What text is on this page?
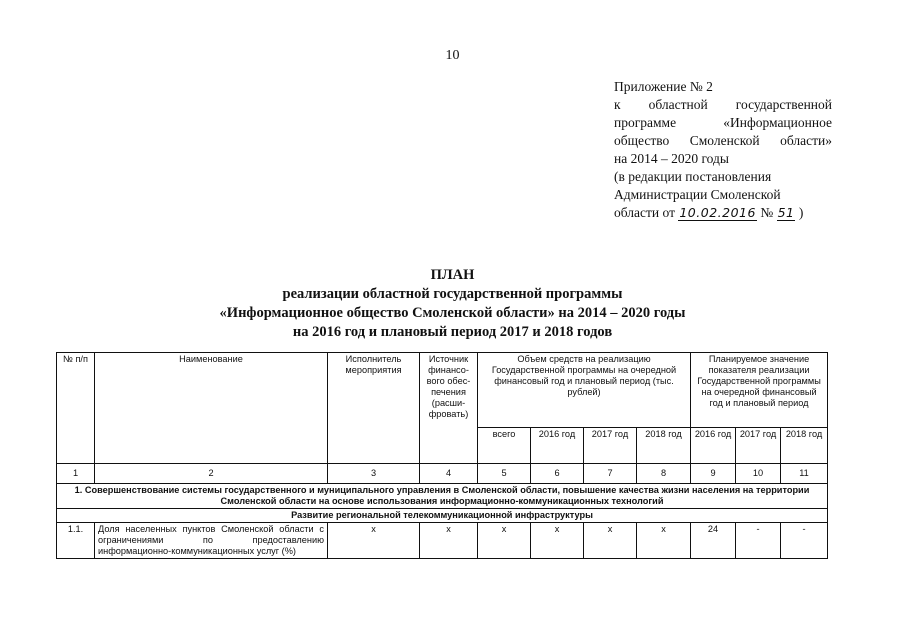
10
Приложение № 2
к областной государственной
программе «Информационное
общество Смоленской области»
на 2014 – 2020 годы
(в редакции постановления
Администрации Смоленской
области от 10.02.2016 № 51 )
ПЛАН
реализации областной государственной программы
«Информационное общество Смоленской области» на 2014 – 2020 годы
на 2016 год и плановый период 2017 и 2018 годов
№ п/п	Наименование	Исполнитель мероприятия	Источник финансо-вого обес-печения (расши-фровать)	Объем средств на реализацию Государственной программы на очередной финансовый год и плановый период (тыс. рублей)				Планируемое значение показателя реализации Государственной программы на очередной финансовый год и плановый период		
				всего	2016 год	2017 год	2018 год	2016 год	2017 год	2018 год
1	2	3	4	5	6	7	8	9	10	11
1. Совершенствование системы государственного и муниципального управления в Смоленской области, повышение качества жизни населения на территории Смоленской области на основе использования информационно-коммуникационных технологий										
Развитие региональной телекоммуникационной инфраструктуры										
1.1.	Доля населенных пунктов Смоленской области с ограничениями по предоставлению информационно-коммуникационных услуг (%)	х	х	х	х	х	х	24	-	-
